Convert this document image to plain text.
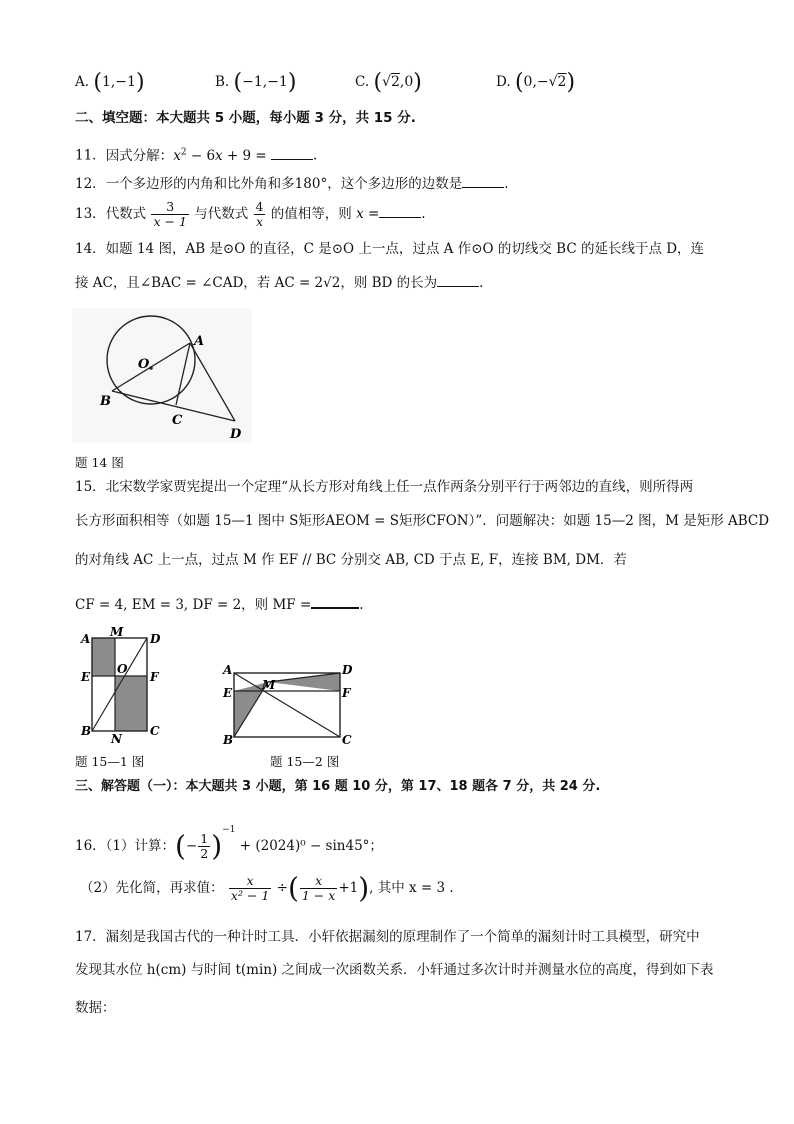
A. (1,−1)	B. (−1,−1)	C. (√2,0)	D. (0,−√2)
二、填空题：本大题共 5 小题，每小题 3 分，共 15 分.
11．因式分解：$x^2 - 6x + 9$ =	.
12．一个多边形的内角和比外角和多180°，这个多边形的边数是	.
13．代数式 $\frac{3}{x - 1}$ 与代数式 $\frac{4}{x}$ 的值相等，则 x =	.
14．如题 14 图，AB 是⊙O 的直径，C 是⊙O 上一点，过点 A 作⊙O 的切线交 BC 的延长线于点 D，连
接 AC，且∠BAC = ∠CAD，若 AC = 2√2，则 BD 的长为	.
O
A
B
C
D
题 14 图
15．北宋数学家贾宪提出一个定理“从长方形对角线上任一点作两条分别平行于两邻边的直线，则所得两
长方形面积相等（如题 15—1 图中 S矩形AEOM = S矩形CFON）”．问题解决：如题 15—2 图，M 是矩形 ABCD
的对角线 AC 上一点，过点 M 作 EF // BC 分别交 AB, CD 于点 E, F，连接 BM, DM．若
CF = 4, EM = 3, DF = 2，则 MF =	.
A M D
E
O
F
B
N
C
题 15—1 图
A	D
E
M
F
B	C
题 15—2 图
三、解答题（一）：本大题共 3 小题，第 16 题 10 分，第 17、18 题各 7 分，共 24 分.
16．（1）计算：(− $\frac{1}{2} )^{-1} + (2024)^0 - \sin 45^\circ$；
（2）先化简，再求值： $\frac{x}{\text{x² − 1}}$ ÷( $\frac{x}{1 - x} +1$), 其中 x = 3 .
17．漏刻是我国古代的一种计时工具．小轩依据漏刻的原理制作了一个简单的漏刻计时工具模型，研究中
发现其水位 h(cm) 与时间 t(min) 之间成一次函数关系．小轩通过多次计时并测量水位的高度，得到如下表
数据：
